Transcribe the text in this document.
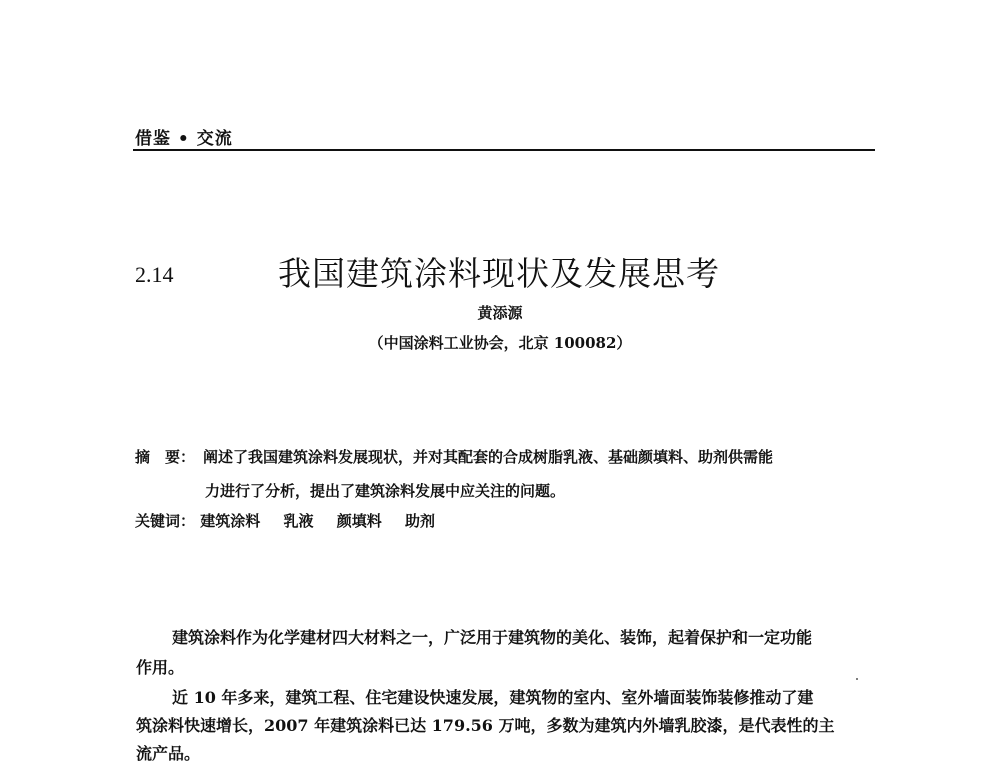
借鉴 • 交流
2.14	我国建筑涂料现状及发展思考
黄添源
（中国涂料工业协会，北京 100082）
摘　要： 阐述了我国建筑涂料发展现状，并对其配套的合成树脂乳液、基础颜填料、助剂供需能
力进行了分析，提出了建筑涂料发展中应关注的问题。
关键词： 建筑涂料 乳液 颜填料 助剂
建筑涂料作为化学建材四大材料之一，广泛用于建筑物的美化、装饰，起着保护和一定功能
作用。
近 10 年多来，建筑工程、住宅建设快速发展，建筑物的室内、室外墙面装饰装修推动了建
筑涂料快速增长，2007 年建筑涂料已达 179.56 万吨，多数为建筑内外墙乳胶漆，是代表性的主
流产品。
